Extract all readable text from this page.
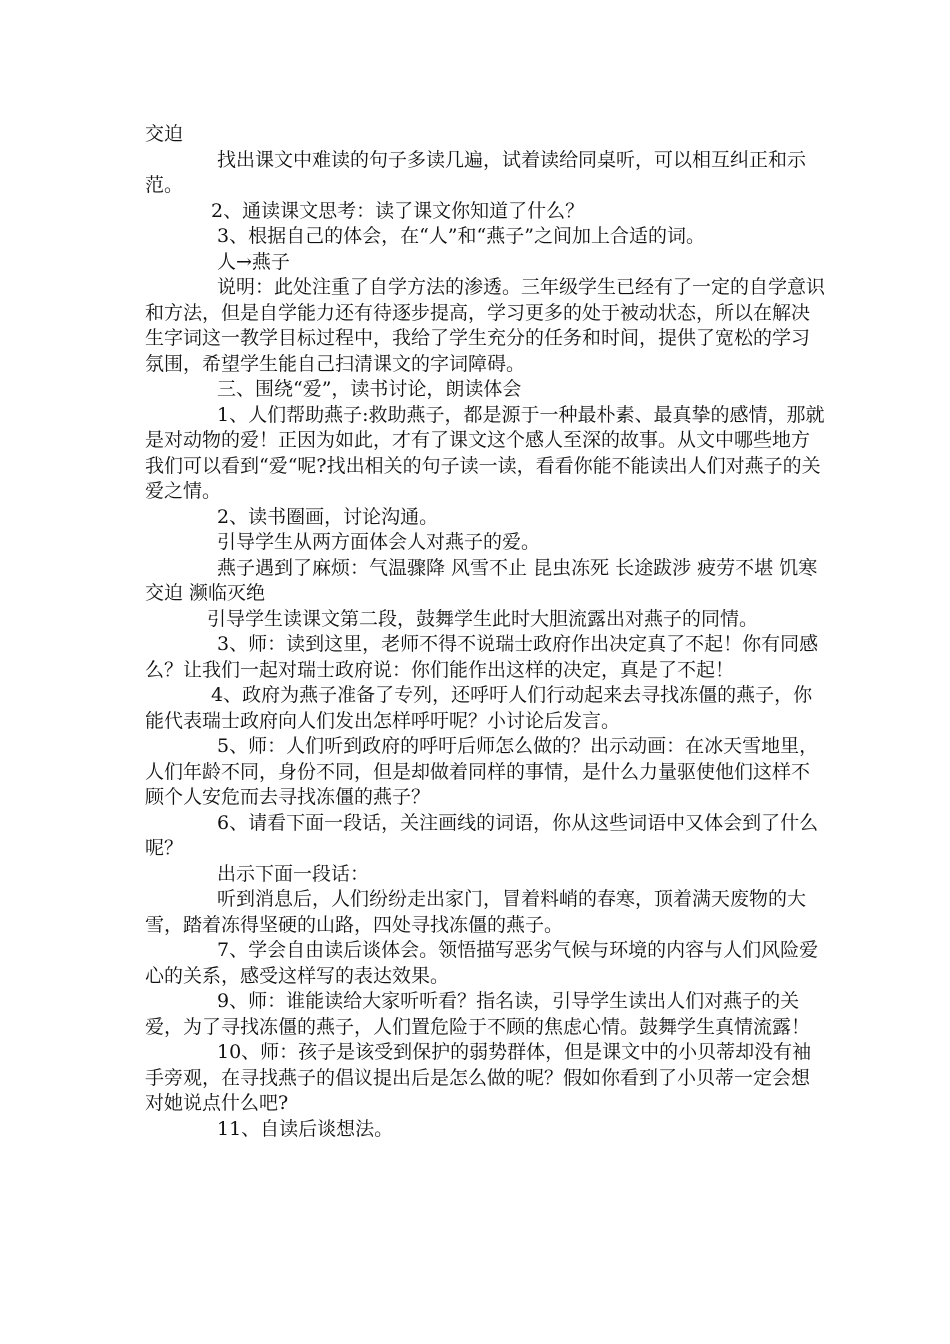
交迫

找出课文中难读的句子多读几遍，试着读给同桌听，可以相互纠正和示范。

2、通读课文思考：读了课文你知道了什么？

3、根据自己的体会，在“人”和“燕子”之间加上合适的词。

人→燕子

说明：此处注重了自学方法的渗透。三年级学生已经有了一定的自学意识和方法，但是自学能力还有待逐步提高，学习更多的处于被动状态，所以在解决生字词这一教学目标过程中，我给了学生充分的任务和时间，提供了宽松的学习氛围，希望学生能自己扫清课文的字词障碍。

三、围绕“爱”，读书讨论，朗读体会

1、人们帮助燕子:救助燕子，都是源于一种最朴素、最真挚的感情，那就是对动物的爱！正因为如此，才有了课文这个感人至深的故事。从文中哪些地方我们可以看到“爱“呢?找出相关的句子读一读，看看你能不能读出人们对燕子的关爱之情。

2、读书圈画，讨论沟通。

引导学生从两方面体会人对燕子的爱。

燕子遇到了麻烦：气温骤降 风雪不止 昆虫冻死 长途跋涉 疲劳不堪 饥寒交迫 濒临灭绝

引导学生读课文第二段，鼓舞学生此时大胆流露出对燕子的同情。

3、师：读到这里，老师不得不说瑞士政府作出决定真了不起！你有同感么？让我们一起对瑞士政府说：你们能作出这样的决定，真是了不起！

4、政府为燕子准备了专列，还呼吁人们行动起来去寻找冻僵的燕子，你能代表瑞士政府向人们发出怎样呼吁呢？小讨论后发言。

5、师：人们听到政府的呼吁后师怎么做的？出示动画：在冰天雪地里，人们年龄不同，身份不同，但是却做着同样的事情，是什么力量驱使他们这样不顾个人安危而去寻找冻僵的燕子？

6、请看下面一段话，关注画线的词语，你从这些词语中又体会到了什么呢？

出示下面一段话：

听到消息后，人们纷纷走出家门，冒着料峭的春寒，顶着满天废物的大雪，踏着冻得坚硬的山路，四处寻找冻僵的燕子。

7、学会自由读后谈体会。领悟描写恶劣气候与环境的内容与人们风险爱心的关系，感受这样写的表达效果。

9、师：谁能读给大家听听看？指名读，引导学生读出人们对燕子的关爱，为了寻找冻僵的燕子，人们置危险于不顾的焦虑心情。鼓舞学生真情流露！

10、师：孩子是该受到保护的弱势群体，但是课文中的小贝蒂却没有袖手旁观，在寻找燕子的倡议提出后是怎么做的呢？假如你看到了小贝蒂一定会想对她说点什么吧?

11、自读后谈想法。
